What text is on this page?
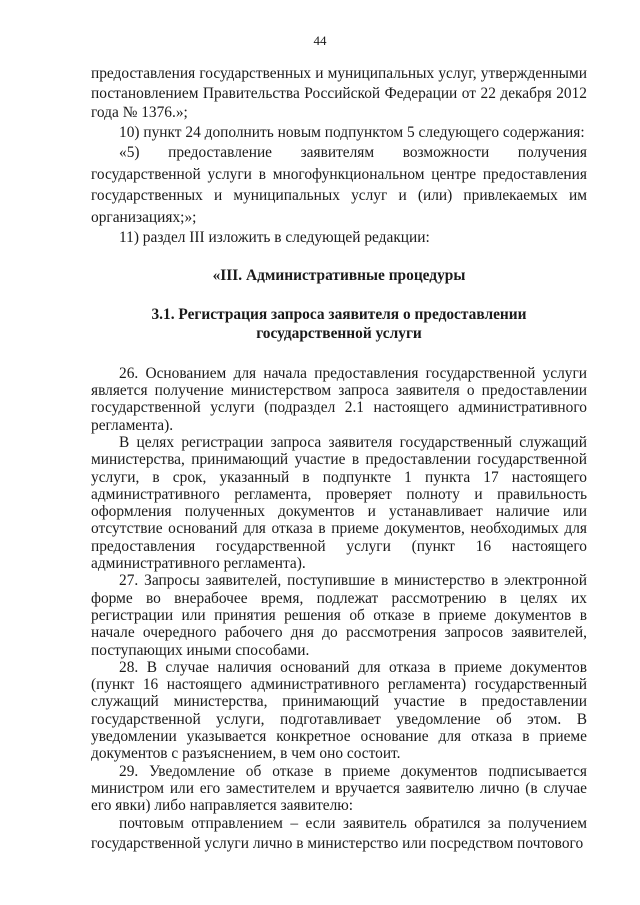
44

предоставления государственных и муниципальных услуг, утвержденными постановлением Правительства Российской Федерации от 22 декабря 2012 года № 1376.»;

10) пункт 24 дополнить новым подпунктом 5 следующего содержания:

«5) предоставление заявителям возможности получения государственной услуги в многофункциональном центре предоставления государственных и муниципальных услуг и (или) привлекаемых им организациях;»;

11) раздел III изложить в следующей редакции:

«III. Административные процедуры

3.1. Регистрация запроса заявителя о предоставлении
государственной услуги

26. Основанием для начала предоставления государственной услуги является получение министерством запроса заявителя о предоставлении государственной услуги (подраздел 2.1 настоящего административного регламента).

В целях регистрации запроса заявителя государственный служащий министерства, принимающий участие в предоставлении государственной услуги, в срок, указанный в подпункте 1 пункта 17 настоящего административного регламента, проверяет полноту и правильность оформления полученных документов и устанавливает наличие или отсутствие оснований для отказа в приеме документов, необходимых для предоставления государственной услуги (пункт 16 настоящего административного регламента).

27. Запросы заявителей, поступившие в министерство в электронной форме во внерабочее время, подлежат рассмотрению в целях их регистрации или принятия решения об отказе в приеме документов в начале очередного рабочего дня до рассмотрения запросов заявителей, поступающих иными способами.

28. В случае наличия оснований для отказа в приеме документов (пункт 16 настоящего административного регламента) государственный служащий министерства, принимающий участие в предоставлении государственной услуги, подготавливает уведомление об этом. В уведомлении указывается конкретное основание для отказа в приеме документов с разъяснением, в чем оно состоит.

29. Уведомление об отказе в приеме документов подписывается министром или его заместителем и вручается заявителю лично (в случае его явки) либо направляется заявителю:

почтовым отправлением – если заявитель обратился за получением государственной услуги лично в министерство или посредством почтового
